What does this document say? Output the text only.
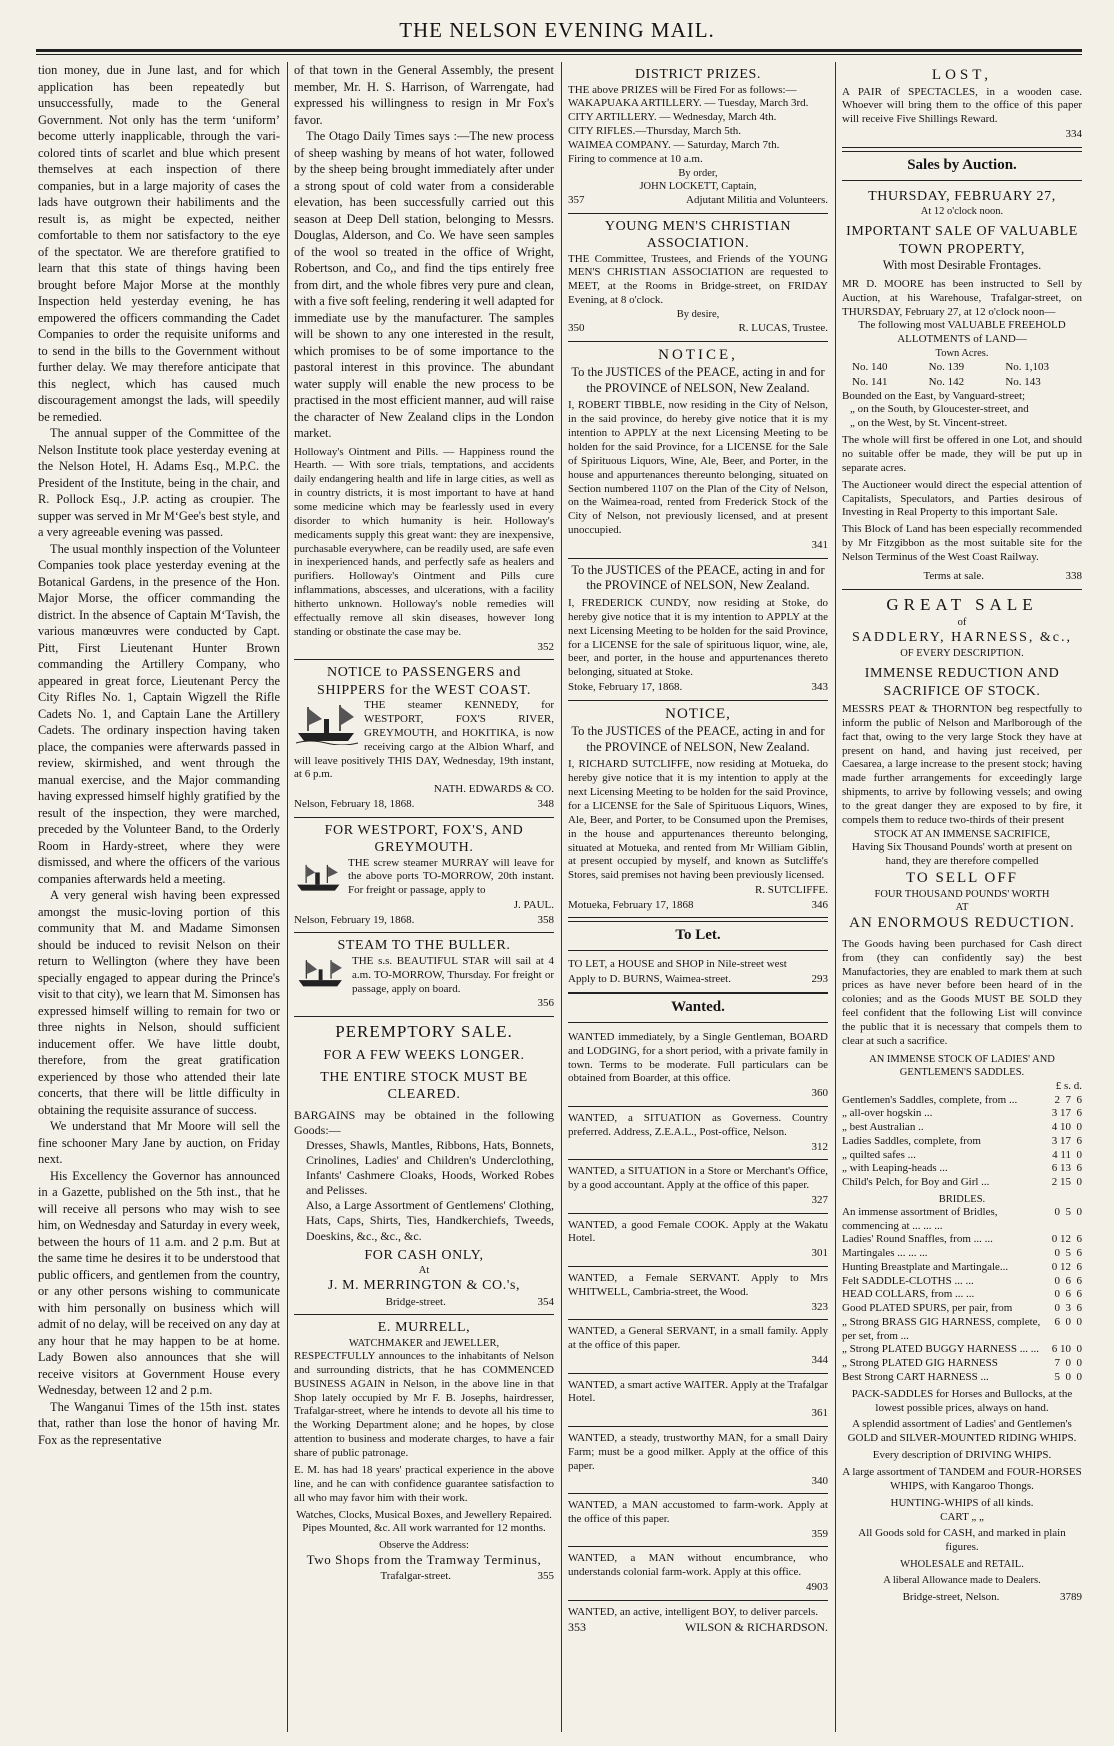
THE NELSON EVENING MAIL.

tion money, due in June last, and for which application has been repeatedly but unsuccessfully, made to the General Government. Not only has the term ‘uniform’ become utterly inapplicable, through the vari-colored tints of scarlet and blue which present themselves at each inspection of there companies, but in a large majority of cases the lads have outgrown their habiliments and the result is, as might be expected, neither comfortable to them nor satisfactory to the eye of the spectator. We are therefore gratified to learn that this state of things having been brought before Major Morse at the monthly Inspection held yesterday evening, he has empowered the officers commanding the Cadet Companies to order the requisite uniforms and to send in the bills to the Government without further delay. We may therefore anticipate that this neglect, which has caused much discouragement amongst the lads, will speedily be remedied.

The annual supper of the Committee of the Nelson Institute took place yesterday evening at the Nelson Hotel, H. Adams Esq., M.P.C. the President of the Institute, being in the chair, and R. Pollock Esq., J.P. acting as croupier. The supper was served in Mr M‘Gee's best style, and a very agreeable evening was passed.

The usual monthly inspection of the Volunteer Companies took place yesterday evening at the Botanical Gardens, in the presence of the Hon. Major Morse, the officer commanding the district. In the absence of Captain M‘Tavish, the various manœuvres were conducted by Capt. Pitt, First Lieutenant Hunter Brown commanding the Artillery Company, who appeared in great force, Lieutenant Percy the City Rifles No. 1, Captain Wigzell the Rifle Cadets No. 1, and Captain Lane the Artillery Cadets. The ordinary inspection having taken place, the companies were afterwards passed in review, skirmished, and went through the manual exercise, and the Major commanding having expressed himself highly gratified by the result of the inspection, they were marched, preceded by the Volunteer Band, to the Orderly Room in Hardy-street, where they were dismissed, and where the officers of the various companies afterwards held a meeting.

A very general wish having been expressed amongst the music-loving portion of this community that M. and Madame Simonsen should be induced to revisit Nelson on their return to Wellington (where they have been specially engaged to appear during the Prince's visit to that city), we learn that M. Simonsen has expressed himself willing to remain for two or three nights in Nelson, should sufficient inducement offer. We have little doubt, therefore, from the great gratification experienced by those who attended their late concerts, that there will be little difficulty in obtaining the requisite assurance of success.

We understand that Mr Moore will sell the fine schooner Mary Jane by auction, on Friday next.

His Excellency the Governor has announced in a Gazette, published on the 5th inst., that he will receive all persons who may wish to see him, on Wednesday and Saturday in every week, between the hours of 11 a.m. and 2 p.m. But at the same time he desires it to be understood that public officers, and gentlemen from the country, or any other persons wishing to communicate with him personally on business which will admit of no delay, will be received on any day at any hour that he may happen to be at home. Lady Bowen also announces that she will receive visitors at Government House every Wednesday, between 12 and 2 p.m.

The Wanganui Times of the 15th inst. states that, rather than lose the honor of having Mr. Fox as the representative

of that town in the General Assembly, the present member, Mr. H. S. Harrison, of Warrengate, had expressed his willingness to resign in Mr Fox's favor.

The Otago Daily Times says :—The new process of sheep washing by means of hot water, followed by the sheep being brought immediately after under a strong spout of cold water from a considerable elevation, has been successfully carried out this season at Deep Dell station, belonging to Messrs. Douglas, Alderson, and Co. We have seen samples of the wool so treated in the office of Wright, Robertson, and Co,, and find the tips entirely free from dirt, and the whole fibres very pure and clean, with a five soft feeling, rendering it well adapted for immediate use by the manufacturer. The samples will be shown to any one interested in the result, which promises to be of some importance to the pastoral interest in this province. The abundant water supply will enable the new process to be practised in the most efficient manner, aud will raise the character of New Zealand clips in the London market.

Holloway's Ointment and Pills. — Happiness round the Hearth. — With sore trials, temptations, and accidents daily endangering health and life in large cities, as well as in country districts, it is most important to have at hand some medicine which may be fearlessly used in every disorder to which humanity is heir. Holloway's medicaments supply this great want: they are inexpensive, purchasable everywhere, can be readily used, are safe even in inexperienced hands, and perfectly safe as healers and purifiers. Holloway's Ointment and Pills cure inflammations, abscesses, and ulcerations, with a facility hitherto unknown. Holloway's noble remedies will effectually remove all skin diseases, however long standing or obstinate the case may be.
352
NOTICE to PASSENGERS and SHIPPERS for the WEST COAST.
THE steamer KENNEDY, for WESTPORT, FOX'S RIVER, GREYMOUTH, and HOKITIKA, is now receiving cargo at the Albion Wharf, and will leave positively THIS DAY, Wednesday, 19th instant, at 6 p.m.
NATH. EDWARDS & CO.
Nelson, February 18, 1868.	348
FOR WESTPORT, FOX'S, AND GREYMOUTH.
THE screw steamer MURRAY will leave for the above ports TO-MORROW, 20th instant. For freight or passage, apply to
J. PAUL.
Nelson, February 19, 1868.	358
STEAM TO THE BULLER.
THE s.s. BEAUTIFUL STAR will sail at 4 a.m. TO-MORROW, Thursday. For freight or passage, apply on board.
356
PEREMPTORY SALE.
FOR A FEW WEEKS LONGER.
THE ENTIRE STOCK MUST BE CLEARED.
BARGAINS may be obtained in the following Goods:—
Dresses, Shawls, Mantles, Ribbons, Hats, Bonnets, Crinolines, Ladies' and Children's Underclothing, Infants' Cashmere Cloaks, Hoods, Worked Robes and Pelisses.
Also, a Large Assortment of Gentlemens' Clothing, Hats, Caps, Shirts, Ties, Handkerchiefs, Tweeds, Doeskins, &c., &c., &c.
FOR CASH ONLY,
At
J. M. MERRINGTON & CO.'s,
Bridge-street.	354
E. MURRELL,
WATCHMAKER and JEWELLER,
RESPECTFULLY announces to the inhabitants of Nelson and surrounding districts, that he has COMMENCED BUSINESS AGAIN in Nelson, in the above line in that Shop lately occupied by Mr F. B. Josephs, hairdresser, Trafalgar-street, where he intends to devote all his time to the Working Department alone; and he hopes, by close attention to business and moderate charges, to have a fair share of public patronage.
E. M. has had 18 years' practical experience in the above line, and he can with confidence guarantee satisfaction to all who may favor him with their work.
Watches, Clocks, Musical Boxes, and Jewellery Repaired. Pipes Mounted, &c. All work warranted for 12 months.
Observe the Address:
Two Shops from the Tramway Terminus,
Trafalgar-street.	355
DISTRICT PRIZES.
THE above PRIZES will be Fired For as follows:—
WAKAPUAKA ARTILLERY. — Tuesday, March 3rd.
CITY ARTILLERY. — Wednesday, March 4th.
CITY RIFLES.—Thursday, March 5th.
WAIMEA COMPANY. — Saturday, March 7th.
Firing to commence at 10 a.m.
By order,
JOHN LOCKETT, Captain,
357	Adjutant Militia and Volunteers.
YOUNG MEN'S CHRISTIAN ASSOCIATION.
THE Committee, Trustees, and Friends of the YOUNG MEN'S CHRISTIAN ASSOCIATION are requested to MEET, at the Rooms in Bridge-street, on FRIDAY Evening, at 8 o'clock.
By desire,
350	R. LUCAS, Trustee.
NOTICE,
To the JUSTICES of the PEACE, acting in and for the PROVINCE of NELSON, New Zealand.
I, ROBERT TIBBLE, now residing in the City of Nelson, in the said province, do hereby give notice that it is my intention to APPLY at the next Licensing Meeting to be holden for the said Province, for a LICENSE for the Sale of Spirituous Liquors, Wine, Ale, Beer, and Porter, in the house and appurtenances thereunto belonging, situated on Section numbered 1107 on the Plan of the City of Nelson, on the Waimea-road, rented from Frederick Stock of the City of Nelson, not previously licensed, and at present unoccupied.
341
To the JUSTICES of the PEACE, acting in and for the PROVINCE of NELSON, New Zealand.
I, FREDERICK CUNDY, now residing at Stoke, do hereby give notice that it is my intention to APPLY at the next Licensing Meeting to be holden for the said Province, for a LICENSE for the sale of spirituous liquor, wine, ale, beer, and porter, in the house and appurtenances thereto belonging, situated at Stoke.
Stoke, February 17, 1868.	343
NOTICE,
To the JUSTICES of the PEACE, acting in and for the PROVINCE of NELSON, New Zealand.
I, RICHARD SUTCLIFFE, now residing at Motueka, do hereby give notice that it is my intention to apply at the next Licensing Meeting to be holden for the said Province, for a LICENSE for the Sale of Spirituous Liquors, Wines, Ale, Beer, and Porter, to be Consumed upon the Premises, in the house and appurtenances thereunto belonging, situated at Motueka, and rented from Mr William Giblin, at present occupied by myself, and known as Sutcliffe's Stores, said premises not having been previously licensed.
R. SUTCLIFFE.
Motueka, February 17, 1868	346
To Let.
TO LET, a HOUSE and SHOP in Nile-street west
Apply to D. BURNS, Waimea-street.	293
Wanted.
WANTED immediately, by a Single Gentleman, BOARD and LODGING, for a short period, with a private family in town. Terms to be moderate. Full particulars can be obtained from Boarder, at this office.
360
WANTED, a SITUATION as Governess. Country preferred. Address, Z.E.A.L., Post-office, Nelson.
312
WANTED, a SITUATION in a Store or Merchant's Office, by a good accountant. Apply at the office of this paper.
327
WANTED, a good Female COOK. Apply at the Wakatu Hotel.
301
WANTED, a Female SERVANT. Apply to Mrs WHITWELL, Cambria-street, the Wood.
323
WANTED, a General SERVANT, in a small family. Apply at the office of this paper.
344
WANTED, a smart active WAITER. Apply at the Trafalgar Hotel.
361
WANTED, a steady, trustworthy MAN, for a small Dairy Farm; must be a good milker. Apply at the office of this paper.
340
WANTED, a MAN accustomed to farm-work. Apply at the office of this paper.
359
WANTED, a MAN without encumbrance, who understands colonial farm-work. Apply at this office.
4903
WANTED, an active, intelligent BOY, to deliver parcels.
353	WILSON & RICHARDSON.
LOST,
A PAIR of SPECTACLES, in a wooden case. Whoever will bring them to the office of this paper will receive Five Shillings Reward.
334
Sales by Auction.
THURSDAY, FEBRUARY 27,
At 12 o'clock noon.
IMPORTANT SALE OF VALUABLE TOWN PROPERTY,
With most Desirable Frontages.
MR D. MOORE has been instructed to Sell by Auction, at his Warehouse, Trafalgar-street, on THURSDAY, February 27, at 12 o'clock noon—
The following most VALUABLE FREEHOLD ALLOTMENTS of LAND—
Town Acres.
No. 140	No. 139	No. 1,103
No. 141	No. 142	No. 143
Bounded on the East, by Vanguard-street;
„ on the South, by Gloucester-street, and
„ on the West, by St. Vincent-street.
The whole will first be offered in one Lot, and should no suitable offer be made, they will be put up in separate acres.
The Auctioneer would direct the especial attention of Capitalists, Speculators, and Parties desirous of Investing in Real Property to this important Sale.
This Block of Land has been especially recommended by Mr Fitzgibbon as the most suitable site for the Nelson Terminus of the West Coast Railway.
Terms at sale.	338
GREAT SALE
of
SADDLERY, HARNESS, &c.,
OF EVERY DESCRIPTION.
IMMENSE REDUCTION AND SACRIFICE OF STOCK.
MESSRS PEAT & THORNTON beg respectfully to inform the public of Nelson and Marlborough of the fact that, owing to the very large Stock they have at present on hand, and having just received, per Caesarea, a large increase to the present stock; having made further arrangements for exceedingly large shipments, to arrive by following vessels; and owing to the great danger they are exposed to by fire, it compels them to reduce two-thirds of their present
STOCK AT AN IMMENSE SACRIFICE,
Having Six Thousand Pounds' worth at present on hand, they are therefore compelled
TO SELL OFF
FOUR THOUSAND POUNDS' WORTH
AT
AN ENORMOUS REDUCTION.
The Goods having been purchased for Cash direct from (they can confidently say) the best Manufactories, they are enabled to mark them at such prices as have never before been heard of in the colonies; and as the Goods MUST BE SOLD they feel confident that the following List will convince the public that it is necessary that compels them to clear at such a sacrifice.
AN IMMENSE STOCK OF LADIES' AND GENTLEMEN'S SADDLES.
£ s. d.
Gentlemen's Saddles, complete, from ...	2  7  6
„ all-over hogskin ...	3 17  6
„ best Australian ..	4 10  0
Ladies Saddles, complete, from	3 17  6
„ quilted safes ...	4 11  0
„ with Leaping-heads ...	6 13  6
Child's Pelch, for Boy and Girl ...	2 15  0
BRIDLES.
An immense assortment of Bridles, commencing at ... ... ...
0  5  0
Ladies' Round Snaffles, from ... ...	0 12  6
Martingales ... ... ...	0  5  6
Hunting Breastplate and Martingale...	0 12  6
Felt SADDLE-CLOTHS ... ...	0  6  6
HEAD COLLARS, from ... ...	0  6  6
Good PLATED SPURS, per pair, from	0  3  6
„ Strong BRASS GIG HARNESS, complete, per set, from ...
6  0  0
„ Strong PLATED BUGGY HARNESS ... ... 6 10  0
„ Strong PLATED GIG HARNESS	7  0  0
Best Strong CART HARNESS ...	5  0  0
PACK-SADDLES for Horses and Bullocks, at the lowest possible prices, always on hand.
A splendid assortment of Ladies' and Gentlemen's GOLD and SILVER-MOUNTED RIDING WHIPS.
Every description of DRIVING WHIPS.
A large assortment of TANDEM and FOUR-HORSES WHIPS, with Kangaroo Thongs.
HUNTING-WHIPS of all kinds.
CART „ „
All Goods sold for CASH, and marked in plain figures.
WHOLESALE and RETAIL.
A liberal Allowance made to Dealers.
Bridge-street, Nelson.	3789
